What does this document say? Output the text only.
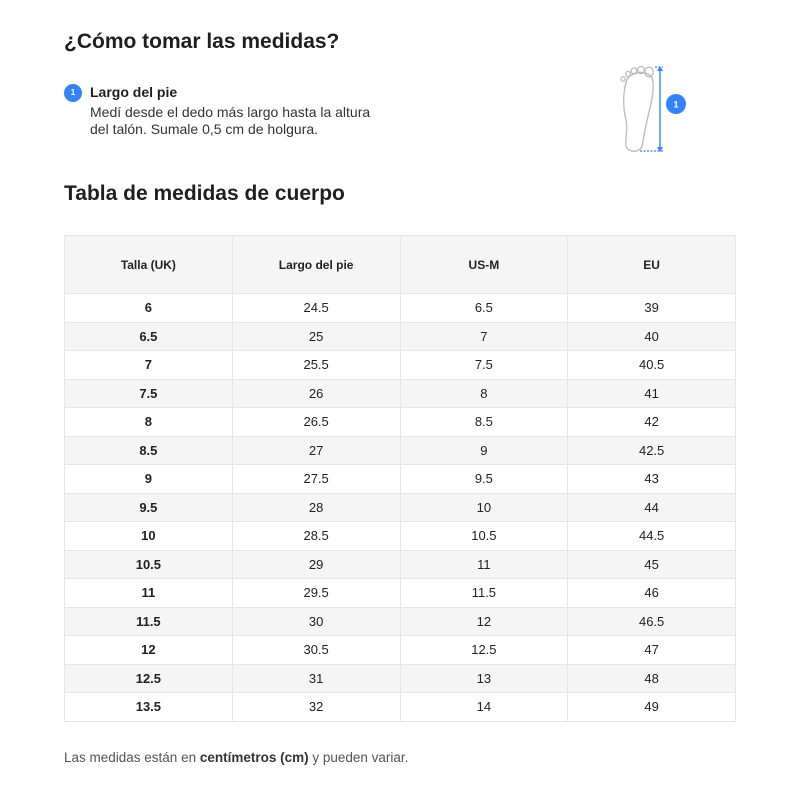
¿Cómo tomar las medidas?
1	Largo del pie

Medí desde el dedo más largo hasta la altura del talón. Sumale 0,5 cm de holgura.

1
Tabla de medidas de cuerpo
Talla (UK)	Largo del pie	US-M	EU
6	24.5	6.5	39
6.5	25	7	40
7	25.5	7.5	40.5
7.5	26	8	41
8	26.5	8.5	42
8.5	27	9	42.5
9	27.5	9.5	43
9.5	28	10	44
10	28.5	10.5	44.5
10.5	29	11	45
11	29.5	11.5	46
11.5	30	12	46.5
12	30.5	12.5	47
12.5	31	13	48
13.5	32	14	49

Las medidas están en centímetros (cm) y pueden variar.
